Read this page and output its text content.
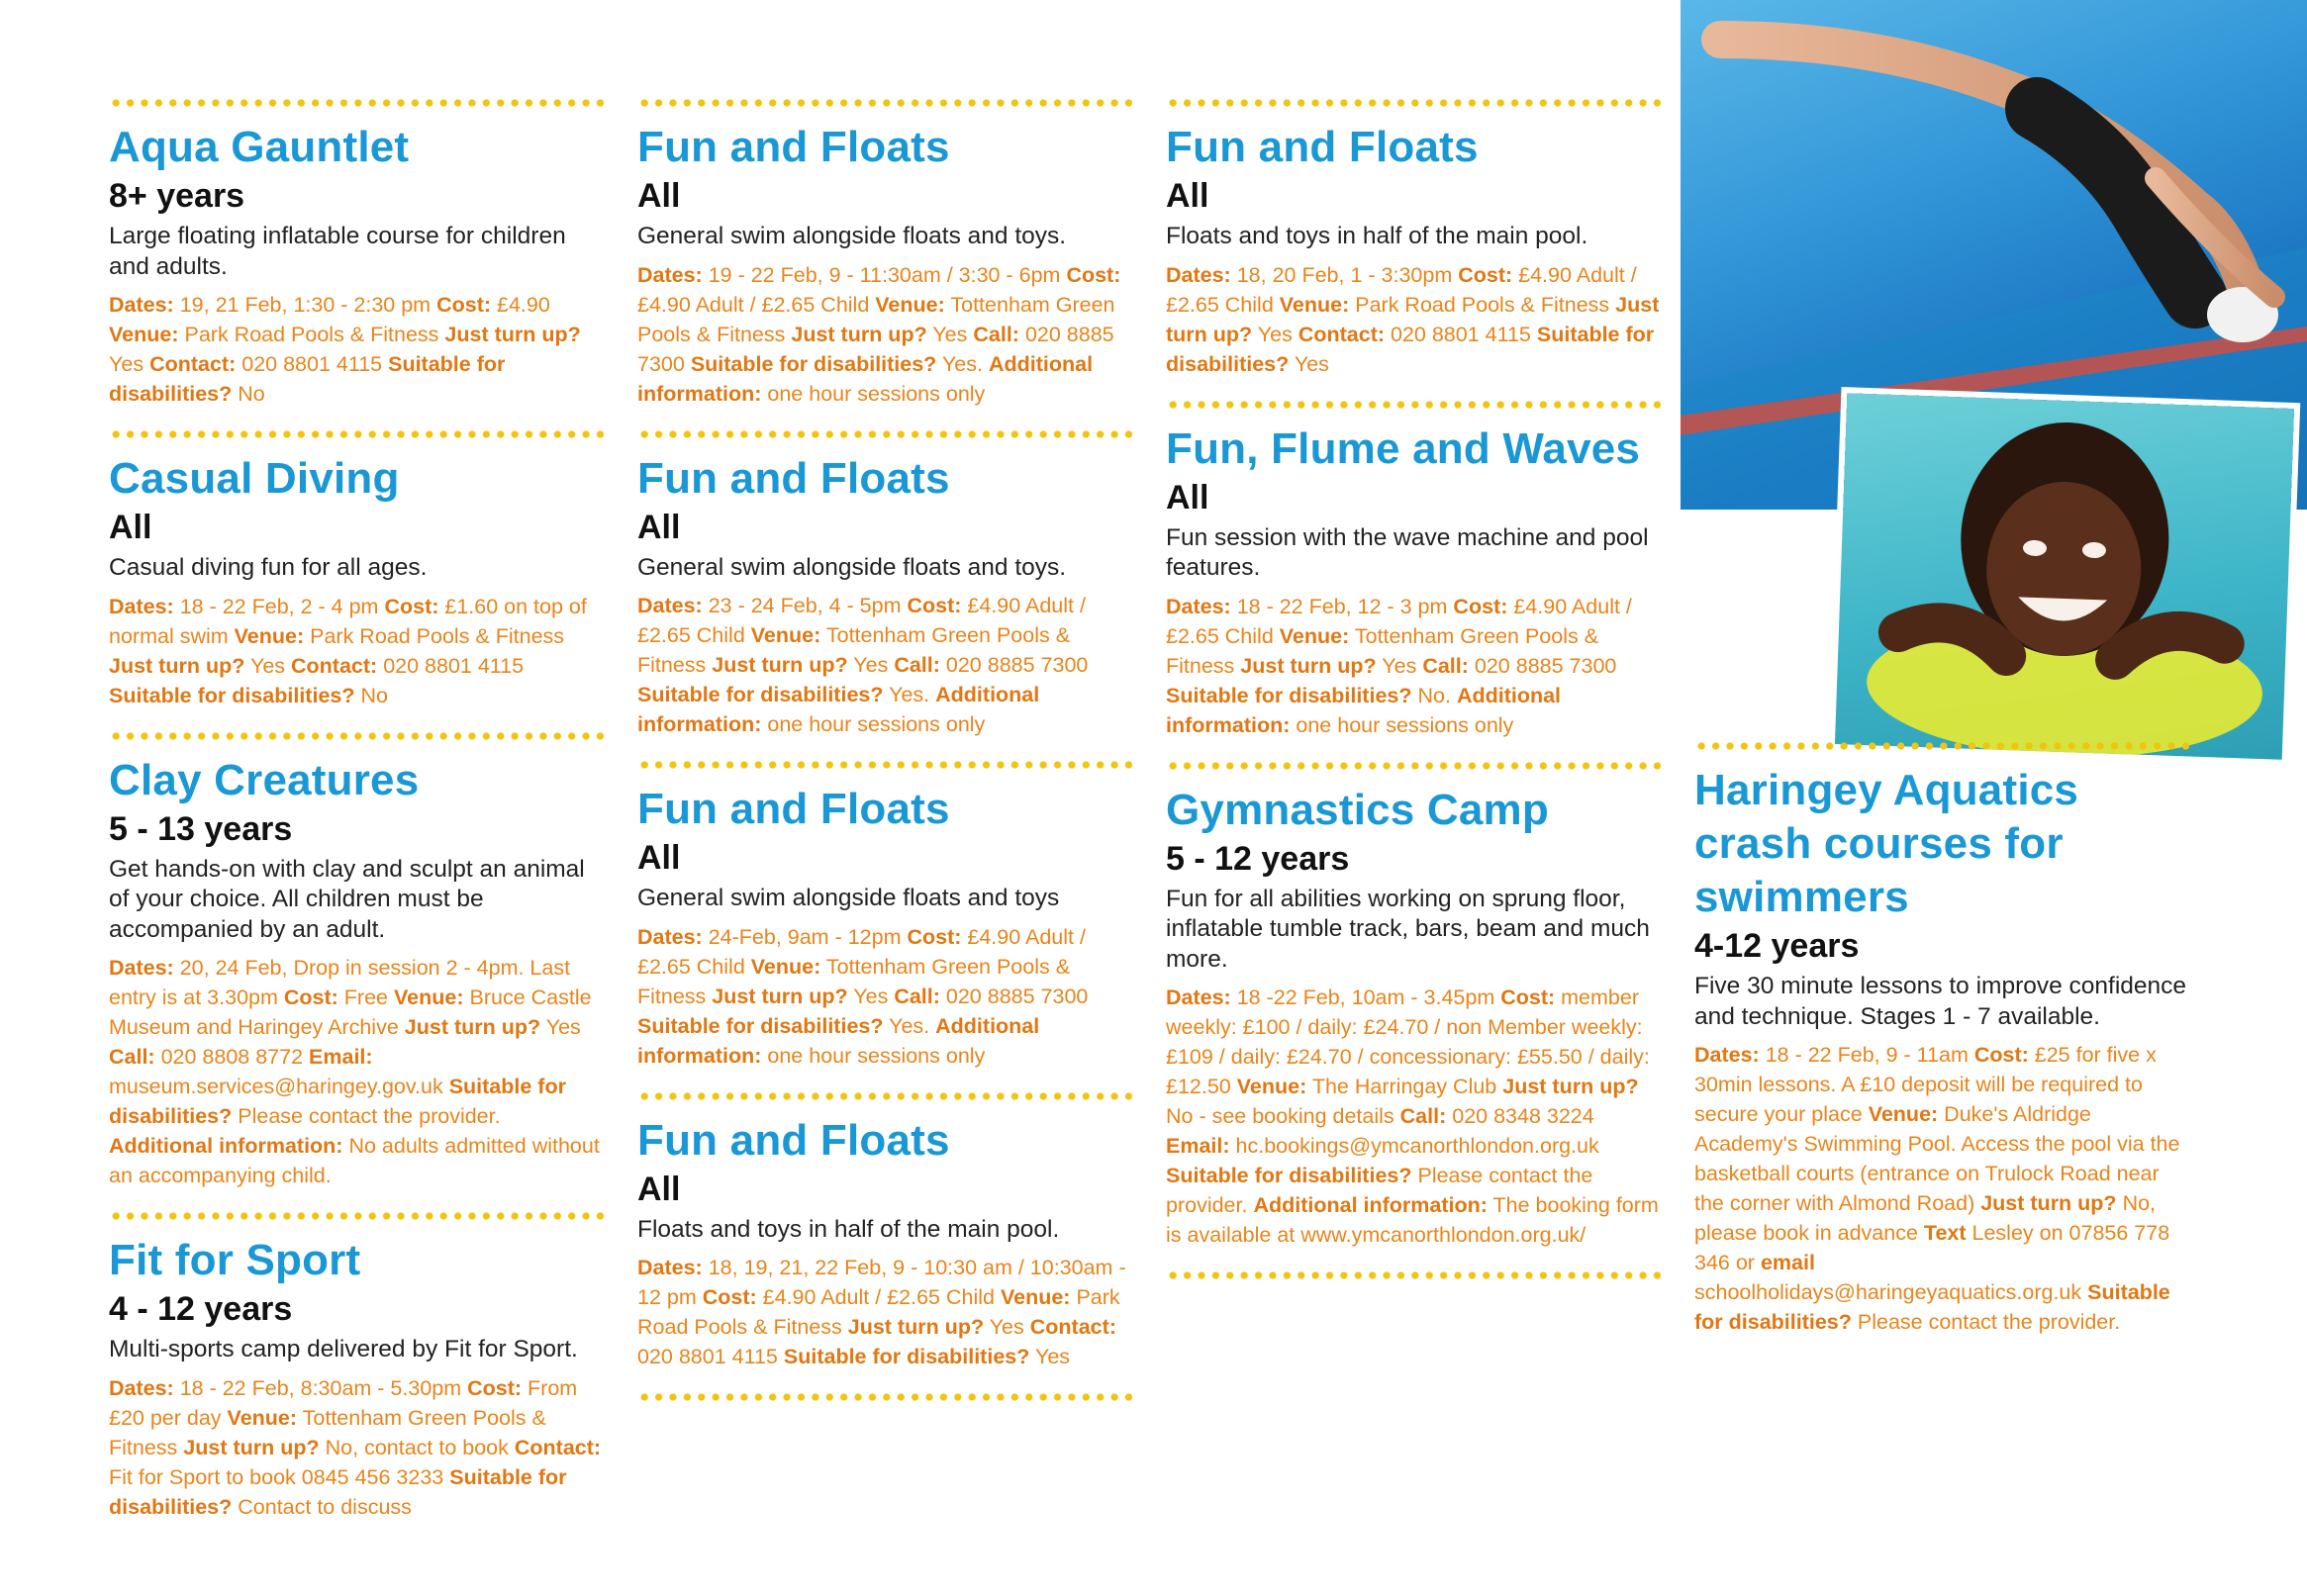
Aqua Gauntlet
8+ years
Large floating inflatable course for children and adults.
Dates: 19, 21 Feb, 1:30 - 2:30 pm Cost: £4.90 Venue: Park Road Pools & Fitness Just turn up? Yes Contact: 020 8801 4115 Suitable for disabilities? No
Casual Diving
All
Casual diving fun for all ages.
Dates: 18 - 22 Feb, 2 - 4 pm Cost: £1.60 on top of normal swim Venue: Park Road Pools & Fitness Just turn up? Yes Contact: 020 8801 4115 Suitable for disabilities? No
Clay Creatures
5 - 13 years
Get hands-on with clay and sculpt an animal of your choice. All children must be accompanied by an adult.
Dates: 20, 24 Feb, Drop in session 2 - 4pm. Last entry is at 3.30pm Cost: Free Venue: Bruce Castle Museum and Haringey Archive Just turn up? Yes Call: 020 8808 8772 Email: museum.services@haringey.gov.uk Suitable for disabilities? Please contact the provider. Additional information: No adults admitted without an accompanying child.
Fit for Sport
4 - 12 years
Multi-sports camp delivered by Fit for Sport.
Dates: 18 - 22 Feb, 8:30am - 5.30pm Cost: From £20 per day Venue: Tottenham Green Pools & Fitness Just turn up? No, contact to book Contact: Fit for Sport to book 0845 456 3233 Suitable for disabilities? Contact to discuss
Fun and Floats
All
General swim alongside floats and toys.
Dates: 19 - 22 Feb, 9 - 11:30am / 3:30 - 6pm Cost: £4.90 Adult / £2.65 Child Venue: Tottenham Green Pools & Fitness Just turn up? Yes Call: 020 8885 7300 Suitable for disabilities? Yes. Additional information: one hour sessions only
Fun and Floats
All
General swim alongside floats and toys.
Dates: 23 - 24 Feb, 4 - 5pm Cost: £4.90 Adult / £2.65 Child Venue: Tottenham Green Pools & Fitness Just turn up? Yes Call: 020 8885 7300 Suitable for disabilities? Yes. Additional information: one hour sessions only
Fun and Floats
All
General swim alongside floats and toys
Dates: 24-Feb, 9am - 12pm Cost: £4.90 Adult / £2.65 Child Venue: Tottenham Green Pools & Fitness Just turn up? Yes Call: 020 8885 7300 Suitable for disabilities? Yes. Additional information: one hour sessions only
Fun and Floats
All
Floats and toys in half of the main pool.
Dates: 18, 19, 21, 22 Feb, 9 - 10:30 am / 10:30am - 12 pm Cost: £4.90 Adult / £2.65 Child Venue: Park Road Pools & Fitness Just turn up? Yes Contact: 020 8801 4115 Suitable for disabilities? Yes
Fun and Floats
All
Floats and toys in half of the main pool.
Dates: 18, 20 Feb, 1 - 3:30pm Cost: £4.90 Adult / £2.65 Child Venue: Park Road Pools & Fitness Just turn up? Yes Contact: 020 8801 4115 Suitable for disabilities? Yes
Fun, Flume and Waves
All
Fun session with the wave machine and pool features.
Dates: 18 - 22 Feb, 12 - 3 pm Cost: £4.90 Adult / £2.65 Child Venue: Tottenham Green Pools & Fitness Just turn up? Yes Call: 020 8885 7300 Suitable for disabilities? No. Additional information: one hour sessions only
Gymnastics Camp
5 - 12 years
Fun for all abilities working on sprung floor, inflatable tumble track, bars, beam and much more.
Dates: 18 -22 Feb, 10am - 3.45pm Cost: member weekly: £100 / daily: £24.70 / non Member weekly: £109 / daily: £24.70 / concessionary: £55.50 / daily: £12.50 Venue: The Harringay Club Just turn up? No - see booking details Call: 020 8348 3224 Email: hc.bookings@ymcanorthlondon.org.uk Suitable for disabilities? Please contact the provider. Additional information: The booking form is available at www.ymcanorthlondon.org.uk/
Haringey Aquatics crash courses for swimmers
4-12 years
Five 30 minute lessons to improve confidence and technique. Stages 1 - 7 available.
Dates: 18 - 22 Feb, 9 - 11am Cost: £25 for five x 30min lessons. A £10 deposit will be required to secure your place Venue: Duke's Aldridge Academy's Swimming Pool. Access the pool via the basketball courts (entrance on Trulock Road near the corner with Almond Road) Just turn up? No, please book in advance Text Lesley on 07856 778 346 or email schoolholidays@haringeyaquatics.org.uk Suitable for disabilities? Please contact the provider.
